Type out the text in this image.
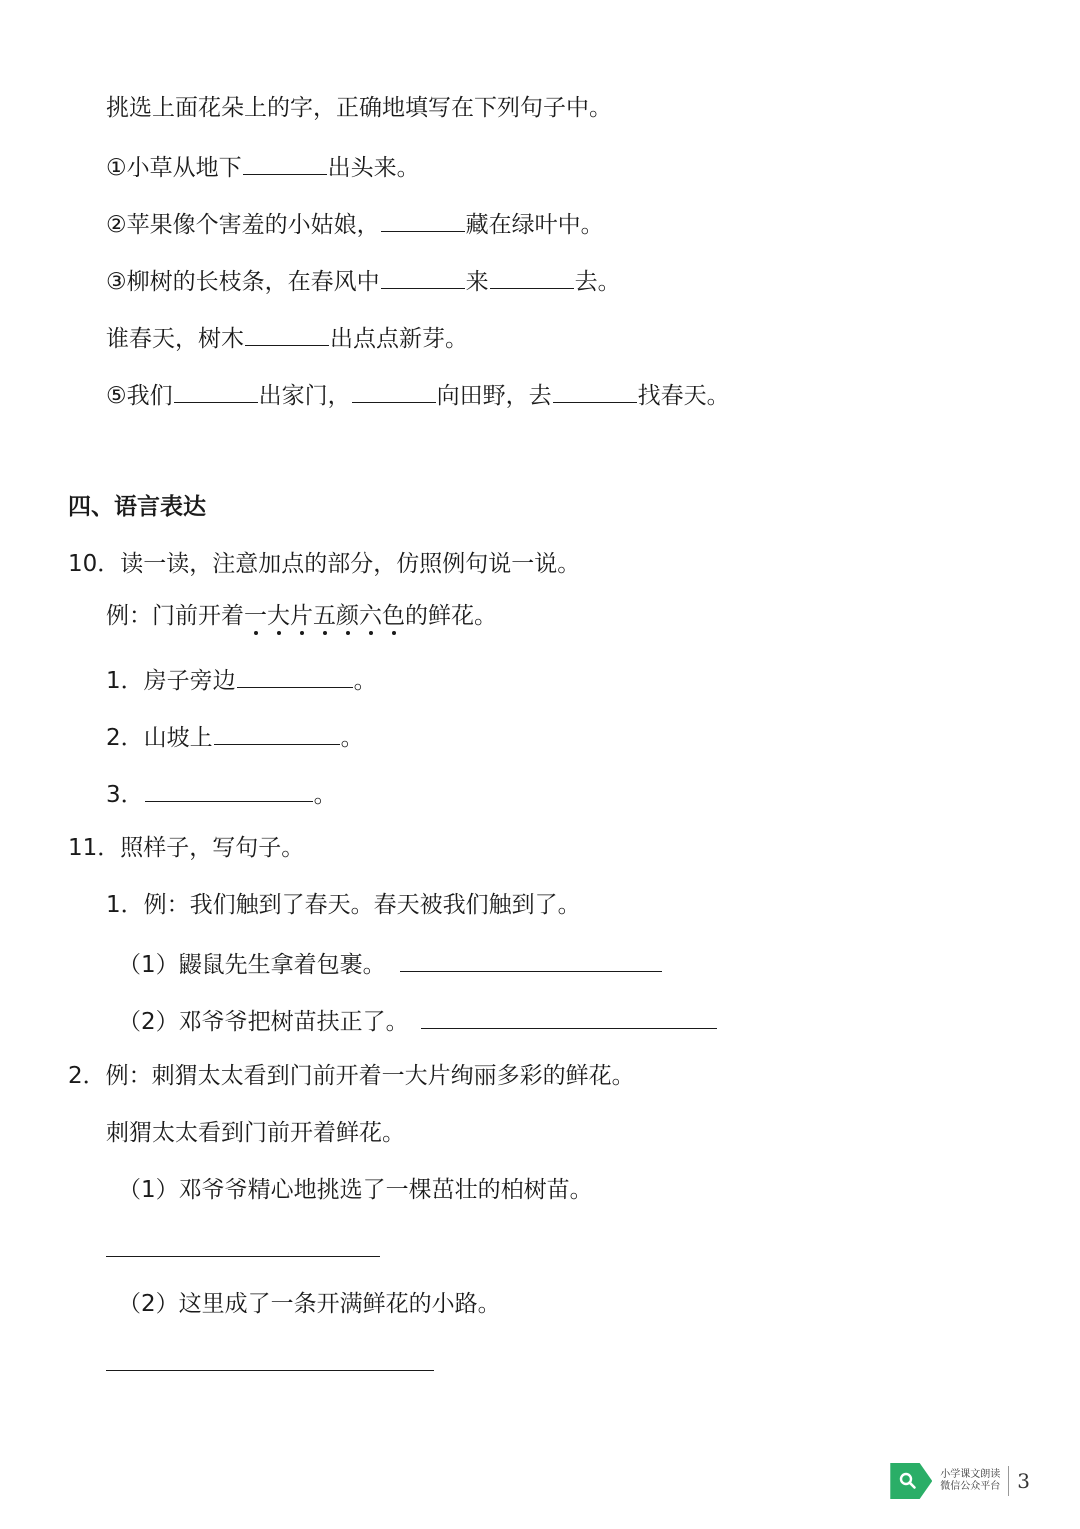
挑选上面花朵上的字，正确地填写在下列句子中。
①小草从地下	出头来。
②苹果像个害羞的小姑娘，	藏在绿叶中。
③柳树的长枝条，在春风中	来	去。
谁春天，树木	出点点新芽。
⑤我们	出家门，	向田野，去	找春天。
四、语言表达
10．读一读，注意加点的部分，仿照例句说一说。
例：门前开着一
大
片
五
颜
六
色
的鲜花。
1．房子旁边	。
2．山坡上	。
3．	。
11．照样子，写句子。
1．例：我们触到了春天。春天被我们触到了。
（1）鼹鼠先生拿着包裹。
（2）邓爷爷把树苗扶正了。
2．例：刺猬太太看到门前开着一大片绚丽多彩的鲜花。
刺猬太太看到门前开着鲜花。
（1）邓爷爷精心地挑选了一棵茁壮的柏树苗。
（2）这里成了一条开满鲜花的小路。
小学课文朗读
微信公众平台 3
